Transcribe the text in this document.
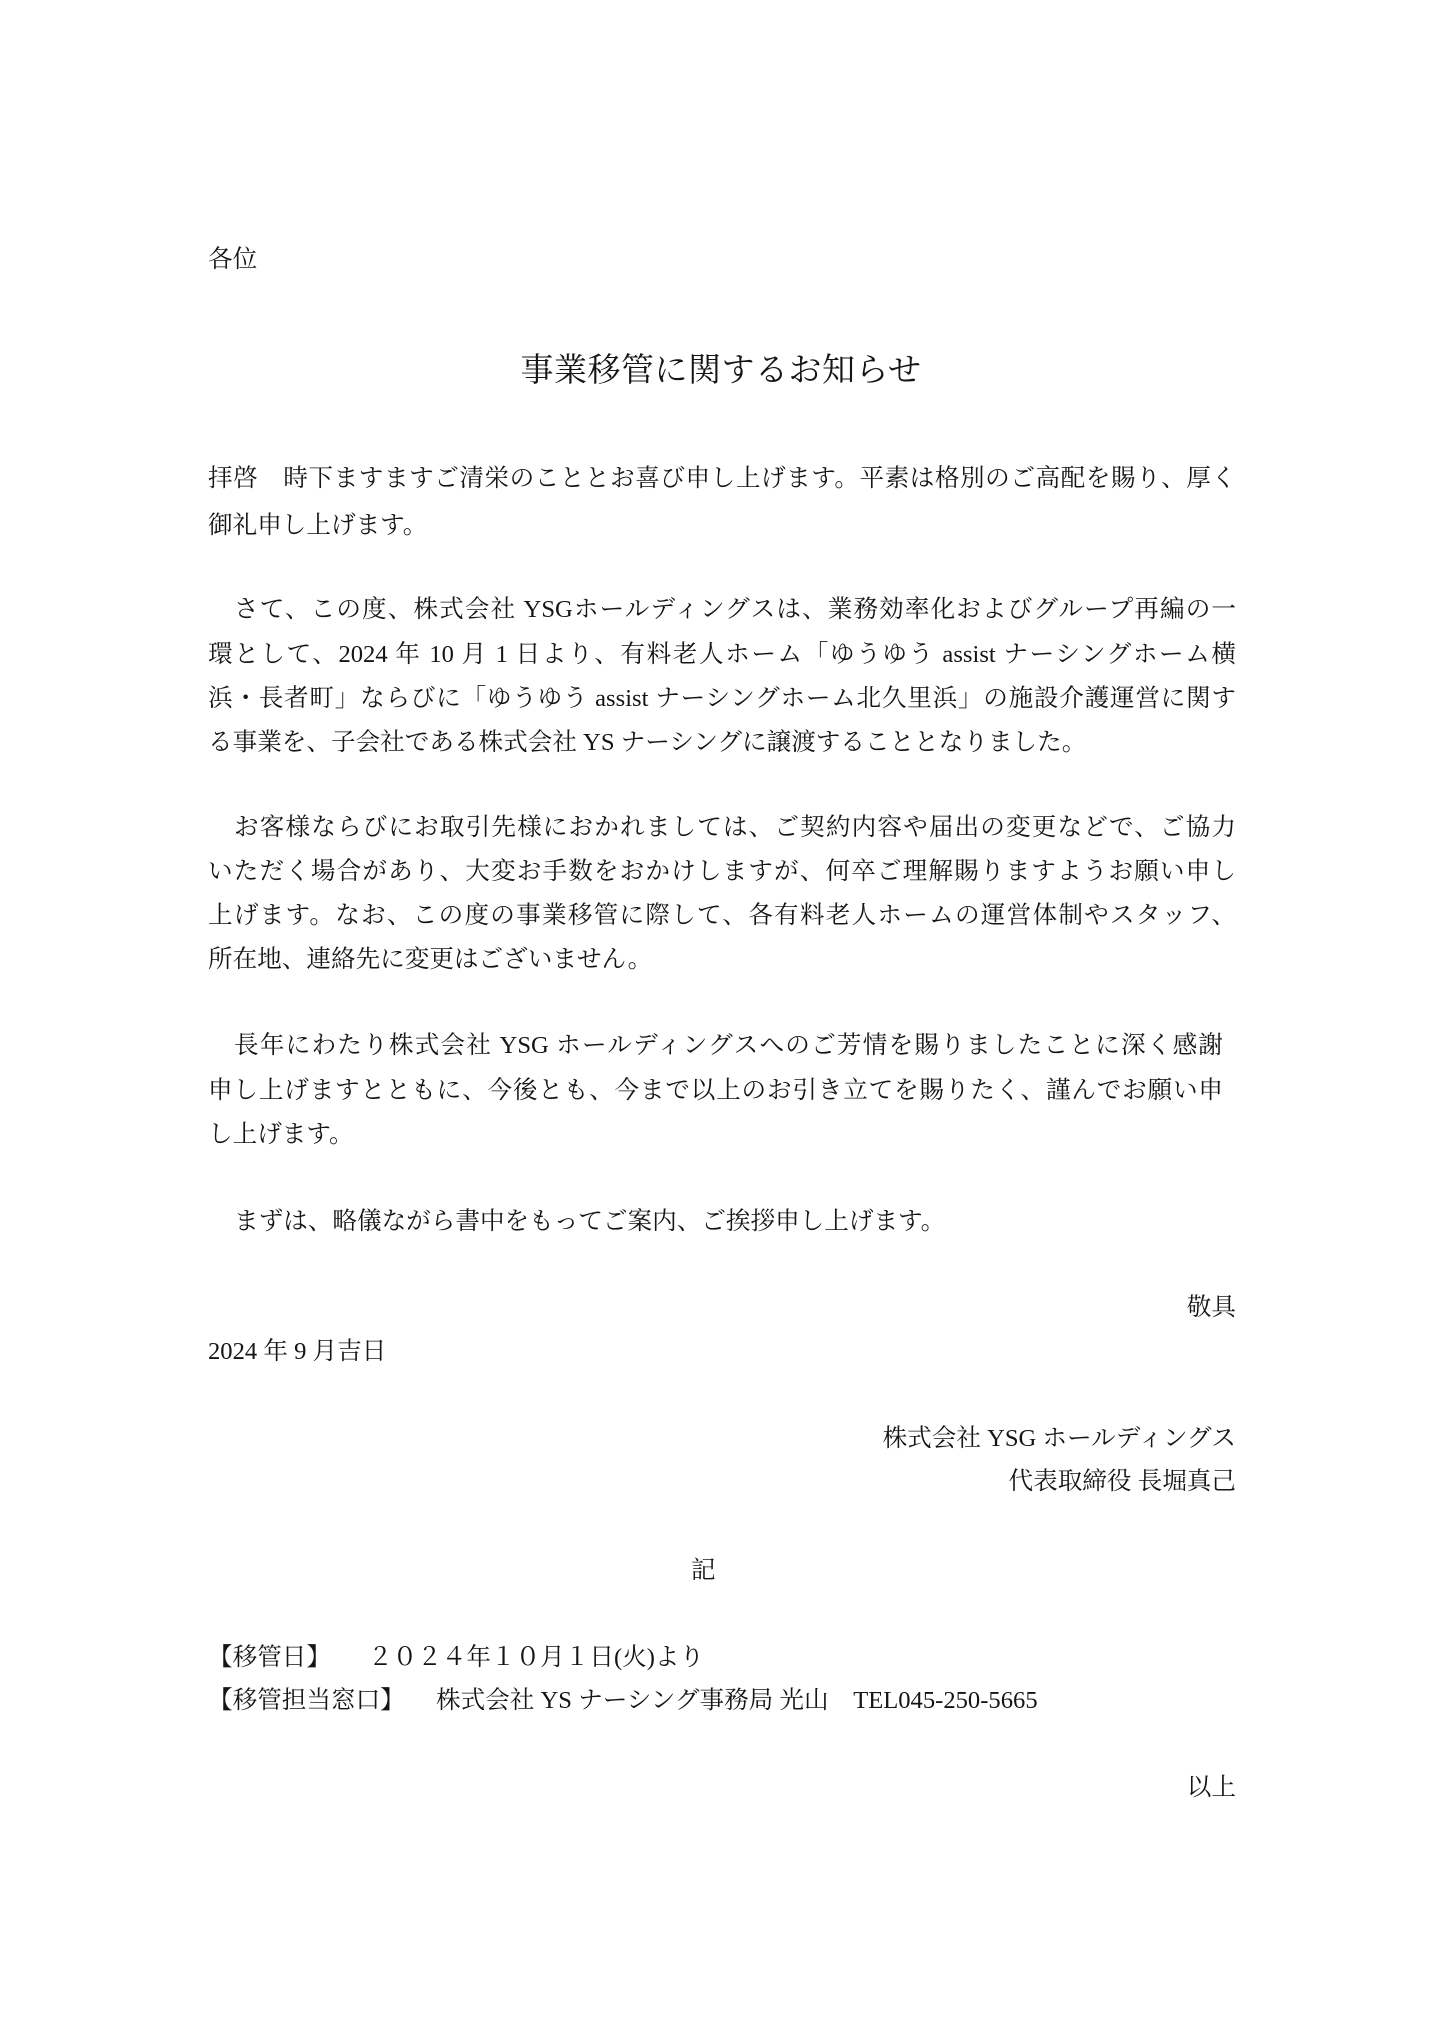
各位
事業移管に関するお知らせ
拝啓　時下ますますご清栄のこととお喜び申し上げます。平素は格別のご高配を賜り、厚く
御礼申し上げます。
さて、この度、株式会社 YSGホールディングスは、業務効率化およびグループ再編の一
環として、2024 年 10 月 1 日より、有料老人ホーム「ゆうゆう assist ナーシングホーム横
浜・長者町」ならびに「ゆうゆう assist ナーシングホーム北久里浜」の施設介護運営に関す
る事業を、子会社である株式会社 YS ナーシングに譲渡することとなりました。
お客様ならびにお取引先様におかれましては、ご契約内容や届出の変更などで、ご協力
いただく場合があり、大変お手数をおかけしますが、何卒ご理解賜りますようお願い申し
上げます。なお、この度の事業移管に際して、各有料老人ホームの運営体制やスタッフ、
所在地、連絡先に変更はございません。
長年にわたり株式会社 YSG ホールディングスへのご芳情を賜りましたことに深く感謝
申し上げますとともに、今後とも、今まで以上のお引き立てを賜りたく、謹んでお願い申
し上げます。
まずは、略儀ながら書中をもってご案内、ご挨拶申し上げます。
敬具
2024 年 9 月吉日
株式会社 YSG ホールディングス
代表取締役 長堀真己
記
【移管日】 ２０２４年１０月１日(火)より
【移管担当窓口】 株式会社 YS ナーシング事務局 光山　TEL045-250-5665
以上
